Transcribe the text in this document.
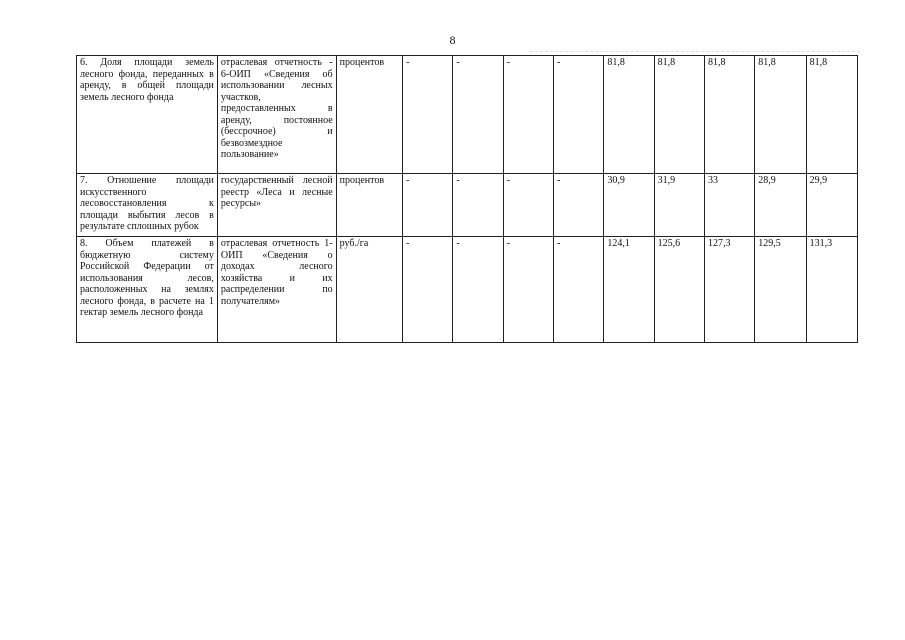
8
6. Доля площади земель лесного фонда, переданных в аренду, в общей площади земель лесного фонда	отраслевая отчетность - 6-ОИП «Сведения об использовании лесных участков, предоставленных в аренду, постоянное (бессрочное) и безвозмездное пользование»	процентов	-	-	-	-	81,8	81,8	81,8	81,8	81,8
7. Отношение площади искусственного лесовосстановления к площади выбытия лесов в результате сплошных рубок	государственный лесной реестр «Леса и лесные ресурсы»	процентов	-	-	-	-	30,9	31,9	33	28,9	29,9
8. Объем платежей в бюджетную систему Российской Федерации от использования лесов, расположенных на землях лесного фонда, в расчете на 1 гектар земель лесного фонда	отраслевая отчетность 1-ОИП «Сведения о доходах лесного хозяйства и их распределении по получателям»	руб./га	-	-	-	-	124,1	125,6	127,3	129,5	131,3
